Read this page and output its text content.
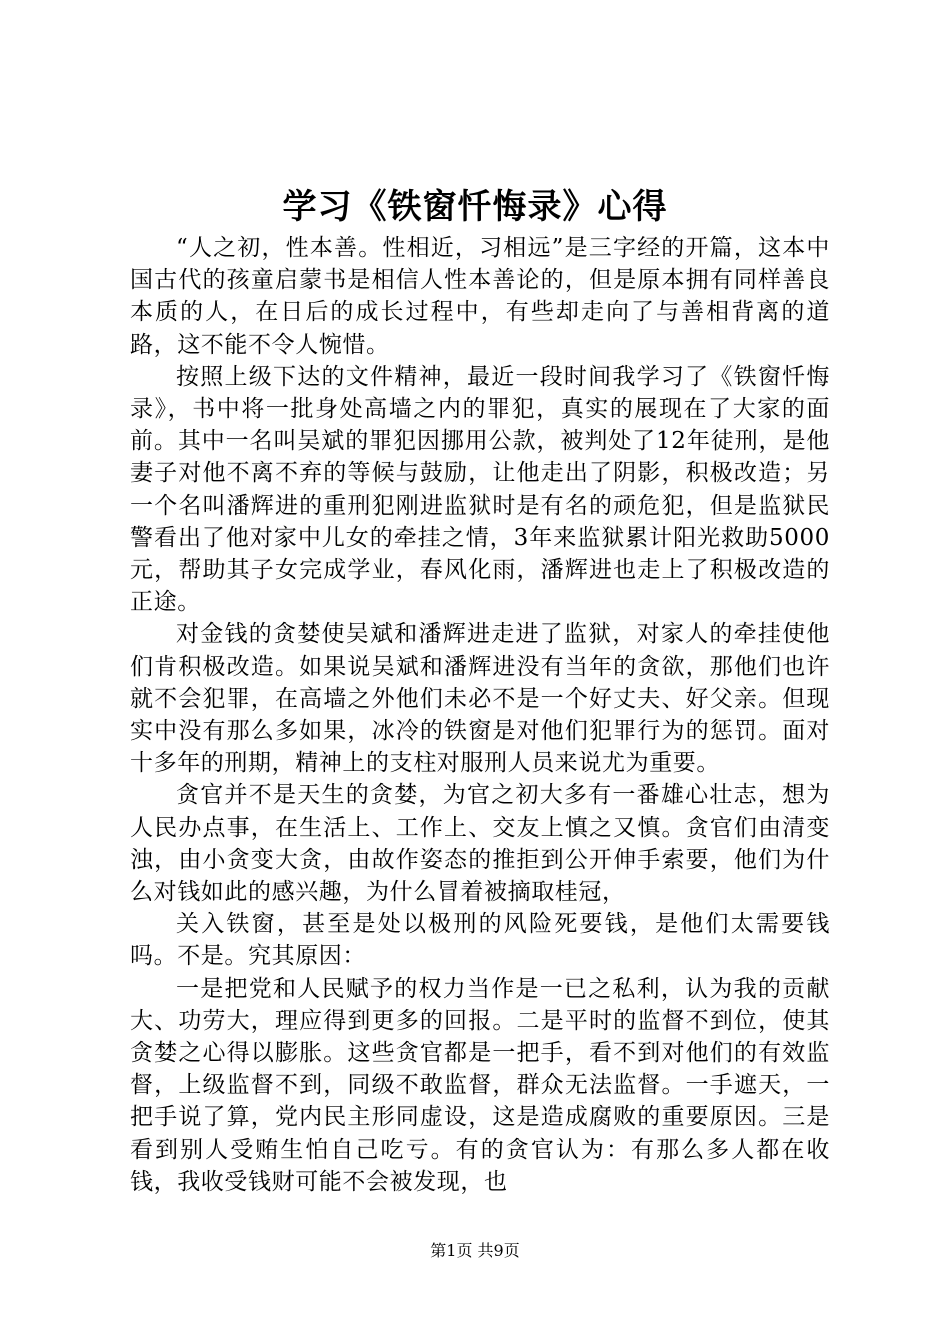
学习《铁窗忏悔录》心得

“人之初，性本善。性相近，习相远”是三字经的开篇，这本中国古代的孩童启蒙书是相信人性本善论的，但是原本拥有同样善良本质的人，在日后的成长过程中，有些却走向了与善相背离的道路，这不能不令人惋惜。

按照上级下达的文件精神，最近一段时间我学习了《铁窗忏悔录》，书中将一批身处高墙之内的罪犯，真实的展现在了大家的面前。其中一名叫吴斌的罪犯因挪用公款，被判处了12年徒刑，是他妻子对他不离不弃的等候与鼓励，让他走出了阴影，积极改造；另一个名叫潘辉进的重刑犯刚进监狱时是有名的顽危犯，但是监狱民警看出了他对家中儿女的牵挂之情，3年来监狱累计阳光救助5000元，帮助其子女完成学业，春风化雨，潘辉进也走上了积极改造的正途。

对金钱的贪婪使吴斌和潘辉进走进了监狱，对家人的牵挂使他们肯积极改造。如果说吴斌和潘辉进没有当年的贪欲，那他们也许就不会犯罪，在高墙之外他们未必不是一个好丈夫、好父亲。但现实中没有那么多如果，冰冷的铁窗是对他们犯罪行为的惩罚。面对十多年的刑期，精神上的支柱对服刑人员来说尤为重要。

贪官并不是天生的贪婪，为官之初大多有一番雄心壮志，想为人民办点事，在生活上、工作上、交友上慎之又慎。贪官们由清变浊，由小贪变大贪，由故作姿态的推拒到公开伸手索要，他们为什么对钱如此的感兴趣，为什么冒着被摘取桂冠，

关入铁窗，甚至是处以极刑的风险死要钱，是他们太需要钱吗。不是。究其原因：

一是把党和人民赋予的权力当作是一已之私利，认为我的贡献大、功劳大，理应得到更多的回报。二是平时的监督不到位，使其贪婪之心得以膨胀。这些贪官都是一把手，看不到对他们的有效监督，上级监督不到，同级不敢监督，群众无法监督。一手遮天，一把手说了算，党内民主形同虚设，这是造成腐败的重要原因。三是看到别人受贿生怕自己吃亏。有的贪官认为：有那么多人都在收钱，我收受钱财可能不会被发现，也

第1页 共9页
